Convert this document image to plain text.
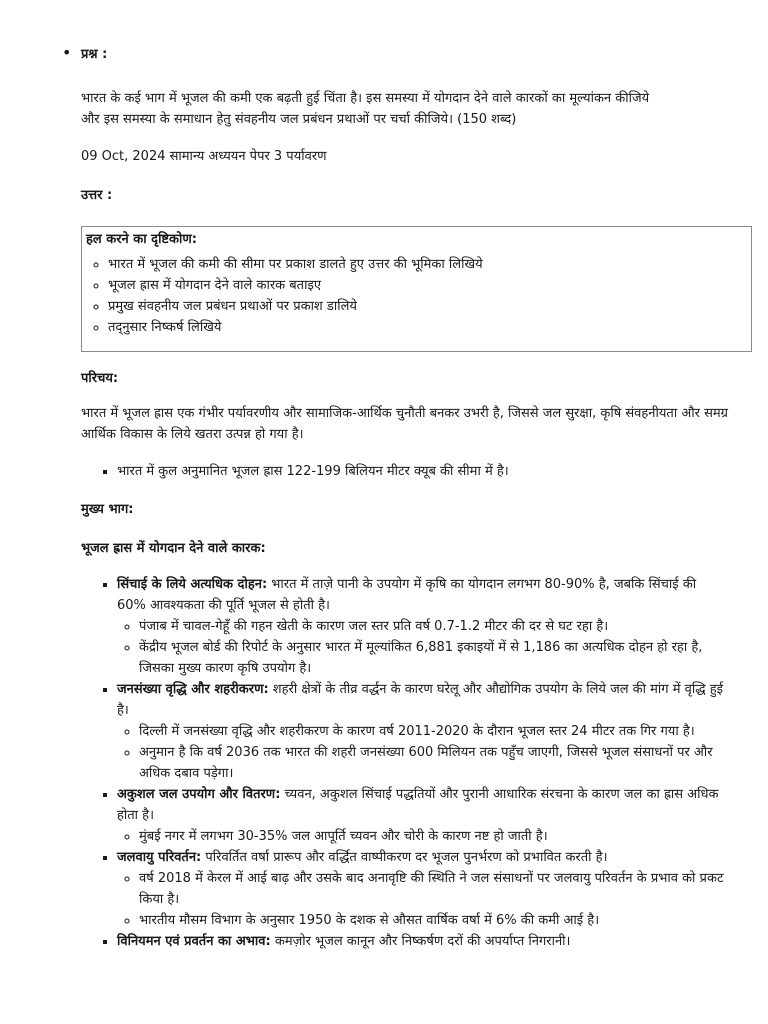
• प्रश्न :
भारत के कई भाग में भूजल की कमी एक बढ़ती हुई चिंता है। इस समस्या में योगदान देने वाले कारकों का मूल्यांकन कीजिये
और इस समस्या के समाधान हेतु संवहनीय जल प्रबंधन प्रथाओं पर चर्चा कीजिये। (150 शब्द)
09 Oct, 2024 सामान्य अध्ययन पेपर 3 पर्यावरण
उत्तर :
हल करने का दृष्टिकोण:
◦ भारत में भूजल की कमी की सीमा पर प्रकाश डालते हुए उत्तर की भूमिका लिखिये
◦ भूजल ह्रास में योगदान देने वाले कारक बताइए
◦ प्रमुख संवहनीय जल प्रबंधन प्रथाओं पर प्रकाश डालिये
◦ तद्नुसार निष्कर्ष लिखिये
परिचय:
भारत में भूजल ह्रास एक गंभीर पर्यावरणीय और सामाजिक-आर्थिक चुनौती बनकर उभरी है, जिससे जल सुरक्षा, कृषि संवहनीयता और समग्र आर्थिक विकास के लिये खतरा उत्पन्न हो गया है।
▪ भारत में कुल अनुमानित भूजल ह्रास 122-199 बिलियन मीटर क्यूब की सीमा में है।
मुख्य भाग:
भूजल ह्रास में योगदान देने वाले कारक:
▪ सिंचाई के लिये अत्यधिक दोहन: भारत में ताज़े पानी के उपयोग में कृषि का योगदान लगभग 80-90% है, जबकि सिंचाई की 60% आवश्यकता की पूर्ति भूजल से होती है।
◦ पंजाब में चावल-गेहूँ की गहन खेती के कारण जल स्तर प्रति वर्ष 0.7-1.2 मीटर की दर से घट रहा है।
◦ केंद्रीय भूजल बोर्ड की रिपोर्ट के अनुसार भारत में मूल्यांकित 6,881 इकाइयों में से 1,186 का अत्यधिक दोहन हो रहा है, जिसका मुख्य कारण कृषि उपयोग है।
▪ जनसंख्या वृद्धि और शहरीकरण: शहरी क्षेत्रों के तीव्र वर्द्धन के कारण घरेलू और औद्योगिक उपयोग के लिये जल की मांग में वृद्धि हुई है।
◦ दिल्ली में जनसंख्या वृद्धि और शहरीकरण के कारण वर्ष 2011-2020 के दौरान भूजल स्तर 24 मीटर तक गिर गया है।
◦ अनुमान है कि वर्ष 2036 तक भारत की शहरी जनसंख्या 600 मिलियन तक पहुँच जाएगी, जिससे भूजल संसाधनों पर और अधिक दबाव पड़ेगा।
▪ अकुशल जल उपयोग और वितरण: च्यवन, अकुशल सिंचाई पद्धतियों और पुरानी आधारिक संरचना के कारण जल का ह्रास अधिक होता है।
◦ मुंबई नगर में लगभग 30-35% जल आपूर्ति च्यवन और चोरी के कारण नष्ट हो जाती है।
▪ जलवायु परिवर्तन: परिवर्तित वर्षा प्रारूप और वर्द्धित वाष्पीकरण दर भूजल पुनर्भरण को प्रभावित करती है।
◦ वर्ष 2018 में केरल में आई बाढ़ और उसके बाद अनावृष्टि की स्थिति ने जल संसाधनों पर जलवायु परिवर्तन के प्रभाव को प्रकट किया है।
◦ भारतीय मौसम विभाग के अनुसार 1950 के दशक से औसत वार्षिक वर्षा में 6% की कमी आई है।
▪ विनियमन एवं प्रवर्तन का अभाव: कमज़ोर भूजल कानून और निष्कर्षण दरों की अपर्याप्त निगरानी।
